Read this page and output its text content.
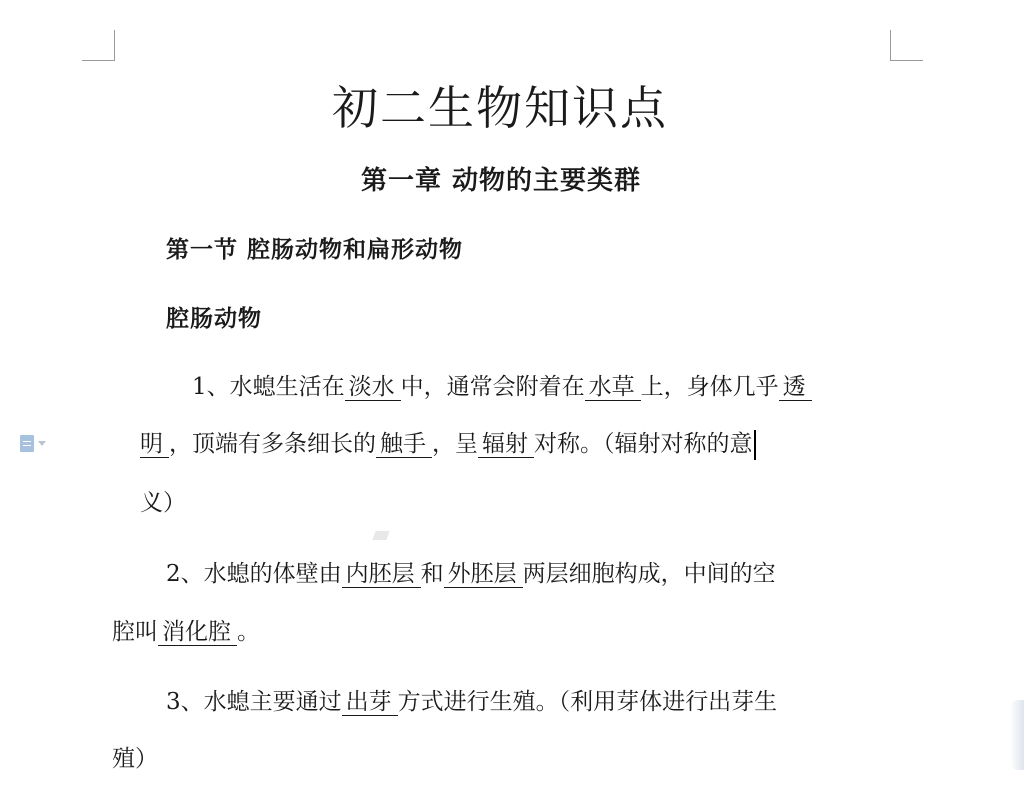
初二生物知识点
第一章 动物的主要类群
第一节 腔肠动物和扁形动物
腔肠动物
1、水螅生活在 淡水 中，通常会附着在 水草 上，身体几乎 透
明 ，顶端有多条细长的 触手 ，呈 辐射 对称。（辐射对称的意
义）
2、水螅的体壁由 内胚层 和 外胚层 两层细胞构成，中间的空
腔叫 消化腔 。
3、水螅主要通过 出芽 方式进行生殖。（利用芽体进行出芽生
殖）
